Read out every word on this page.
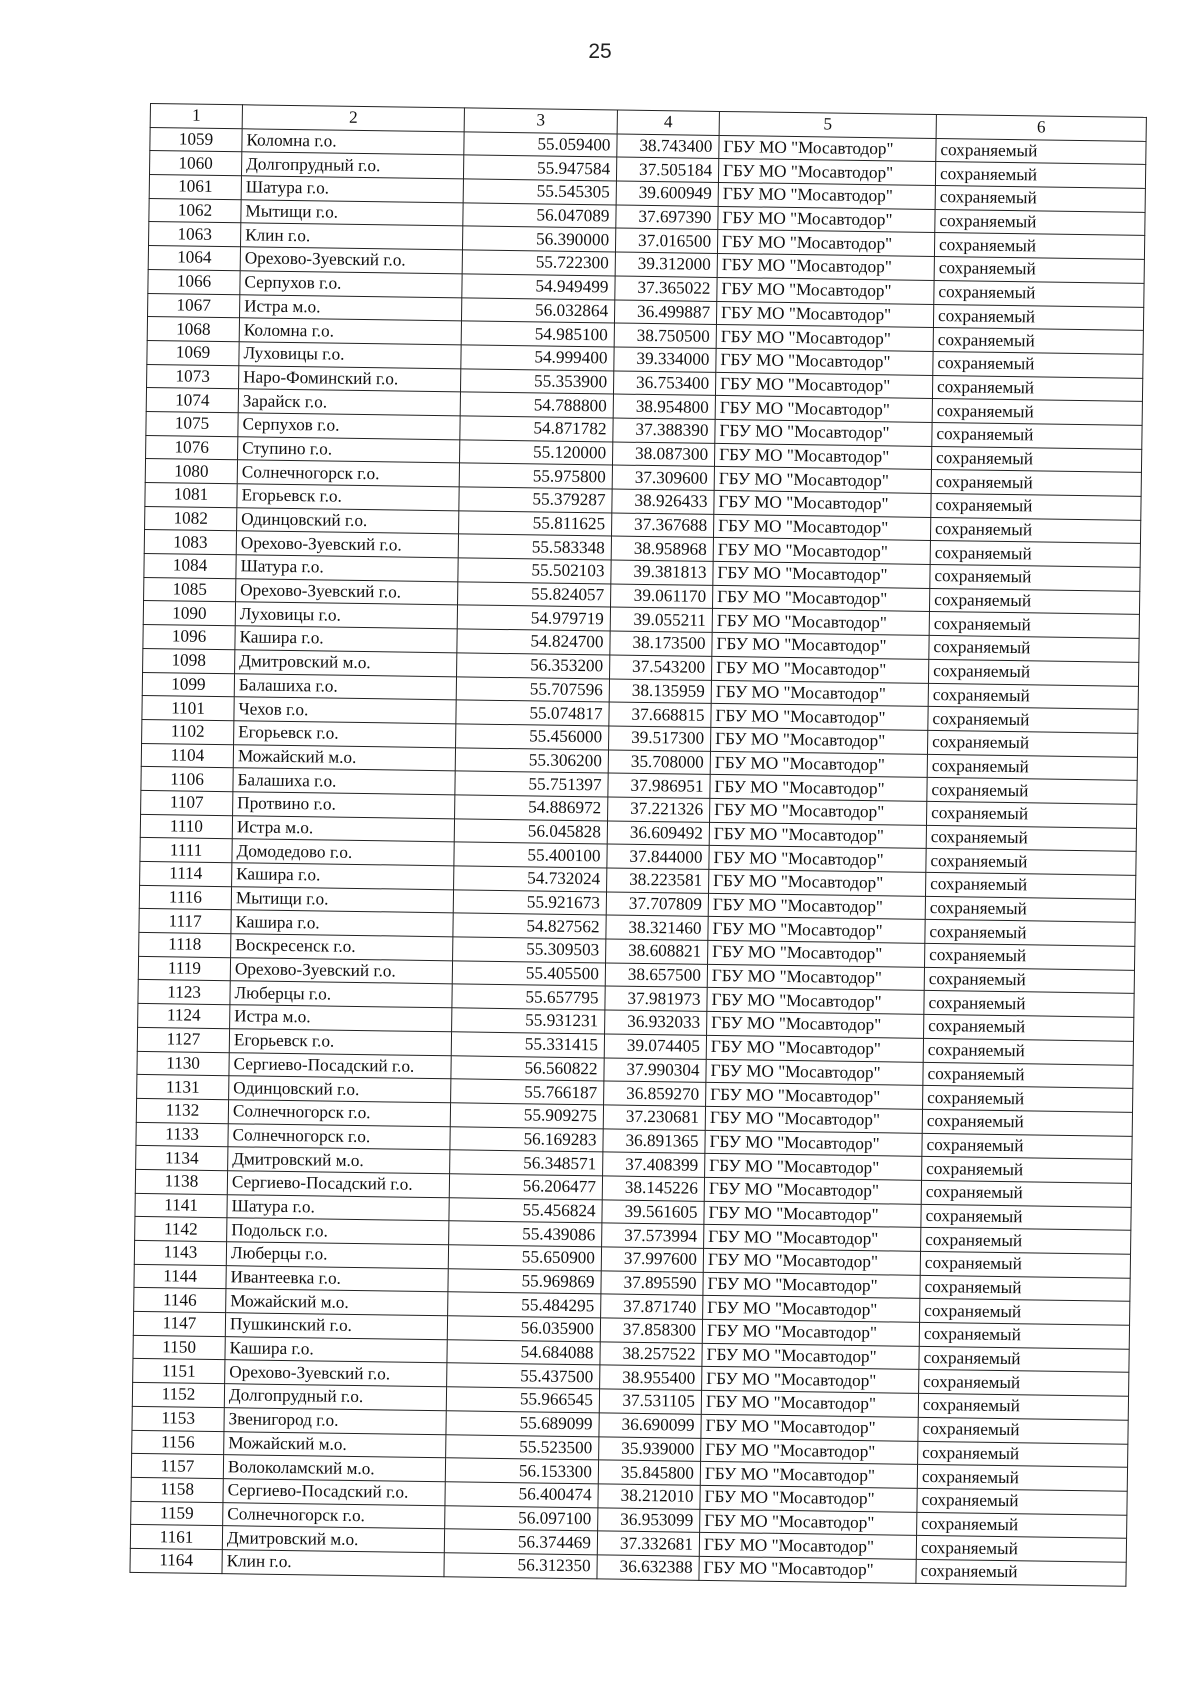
25
1	2	3	4	5	6
1059	Коломна г.о.	55.059400	38.743400	ГБУ МО "Мосавтодор"	сохраняемый
1060	Долгопрудный г.о.	55.947584	37.505184	ГБУ МО "Мосавтодор"	сохраняемый
1061	Шатура г.о.	55.545305	39.600949	ГБУ МО "Мосавтодор"	сохраняемый
1062	Мытищи г.о.	56.047089	37.697390	ГБУ МО "Мосавтодор"	сохраняемый
1063	Клин г.о.	56.390000	37.016500	ГБУ МО "Мосавтодор"	сохраняемый
1064	Орехово-Зуевский г.о.	55.722300	39.312000	ГБУ МО "Мосавтодор"	сохраняемый
1066	Серпухов г.о.	54.949499	37.365022	ГБУ МО "Мосавтодор"	сохраняемый
1067	Истра м.о.	56.032864	36.499887	ГБУ МО "Мосавтодор"	сохраняемый
1068	Коломна г.о.	54.985100	38.750500	ГБУ МО "Мосавтодор"	сохраняемый
1069	Луховицы г.о.	54.999400	39.334000	ГБУ МО "Мосавтодор"	сохраняемый
1073	Наро-Фоминский г.о.	55.353900	36.753400	ГБУ МО "Мосавтодор"	сохраняемый
1074	Зарайск г.о.	54.788800	38.954800	ГБУ МО "Мосавтодор"	сохраняемый
1075	Серпухов г.о.	54.871782	37.388390	ГБУ МО "Мосавтодор"	сохраняемый
1076	Ступино г.о.	55.120000	38.087300	ГБУ МО "Мосавтодор"	сохраняемый
1080	Солнечногорск г.о.	55.975800	37.309600	ГБУ МО "Мосавтодор"	сохраняемый
1081	Егорьевск г.о.	55.379287	38.926433	ГБУ МО "Мосавтодор"	сохраняемый
1082	Одинцовский г.о.	55.811625	37.367688	ГБУ МО "Мосавтодор"	сохраняемый
1083	Орехово-Зуевский г.о.	55.583348	38.958968	ГБУ МО "Мосавтодор"	сохраняемый
1084	Шатура г.о.	55.502103	39.381813	ГБУ МО "Мосавтодор"	сохраняемый
1085	Орехово-Зуевский г.о.	55.824057	39.061170	ГБУ МО "Мосавтодор"	сохраняемый
1090	Луховицы г.о.	54.979719	39.055211	ГБУ МО "Мосавтодор"	сохраняемый
1096	Кашира г.о.	54.824700	38.173500	ГБУ МО "Мосавтодор"	сохраняемый
1098	Дмитровский м.о.	56.353200	37.543200	ГБУ МО "Мосавтодор"	сохраняемый
1099	Балашиха г.о.	55.707596	38.135959	ГБУ МО "Мосавтодор"	сохраняемый
1101	Чехов г.о.	55.074817	37.668815	ГБУ МО "Мосавтодор"	сохраняемый
1102	Егорьевск г.о.	55.456000	39.517300	ГБУ МО "Мосавтодор"	сохраняемый
1104	Можайский м.о.	55.306200	35.708000	ГБУ МО "Мосавтодор"	сохраняемый
1106	Балашиха г.о.	55.751397	37.986951	ГБУ МО "Мосавтодор"	сохраняемый
1107	Протвино г.о.	54.886972	37.221326	ГБУ МО "Мосавтодор"	сохраняемый
1110	Истра м.о.	56.045828	36.609492	ГБУ МО "Мосавтодор"	сохраняемый
1111	Домодедово г.о.	55.400100	37.844000	ГБУ МО "Мосавтодор"	сохраняемый
1114	Кашира г.о.	54.732024	38.223581	ГБУ МО "Мосавтодор"	сохраняемый
1116	Мытищи г.о.	55.921673	37.707809	ГБУ МО "Мосавтодор"	сохраняемый
1117	Кашира г.о.	54.827562	38.321460	ГБУ МО "Мосавтодор"	сохраняемый
1118	Воскресенск г.о.	55.309503	38.608821	ГБУ МО "Мосавтодор"	сохраняемый
1119	Орехово-Зуевский г.о.	55.405500	38.657500	ГБУ МО "Мосавтодор"	сохраняемый
1123	Люберцы г.о.	55.657795	37.981973	ГБУ МО "Мосавтодор"	сохраняемый
1124	Истра м.о.	55.931231	36.932033	ГБУ МО "Мосавтодор"	сохраняемый
1127	Егорьевск г.о.	55.331415	39.074405	ГБУ МО "Мосавтодор"	сохраняемый
1130	Сергиево-Посадский г.о.	56.560822	37.990304	ГБУ МО "Мосавтодор"	сохраняемый
1131	Одинцовский г.о.	55.766187	36.859270	ГБУ МО "Мосавтодор"	сохраняемый
1132	Солнечногорск г.о.	55.909275	37.230681	ГБУ МО "Мосавтодор"	сохраняемый
1133	Солнечногорск г.о.	56.169283	36.891365	ГБУ МО "Мосавтодор"	сохраняемый
1134	Дмитровский м.о.	56.348571	37.408399	ГБУ МО "Мосавтодор"	сохраняемый
1138	Сергиево-Посадский г.о.	56.206477	38.145226	ГБУ МО "Мосавтодор"	сохраняемый
1141	Шатура г.о.	55.456824	39.561605	ГБУ МО "Мосавтодор"	сохраняемый
1142	Подольск г.о.	55.439086	37.573994	ГБУ МО "Мосавтодор"	сохраняемый
1143	Люберцы г.о.	55.650900	37.997600	ГБУ МО "Мосавтодор"	сохраняемый
1144	Ивантеевка г.о.	55.969869	37.895590	ГБУ МО "Мосавтодор"	сохраняемый
1146	Можайский м.о.	55.484295	37.871740	ГБУ МО "Мосавтодор"	сохраняемый
1147	Пушкинский г.о.	56.035900	37.858300	ГБУ МО "Мосавтодор"	сохраняемый
1150	Кашира г.о.	54.684088	38.257522	ГБУ МО "Мосавтодор"	сохраняемый
1151	Орехово-Зуевский г.о.	55.437500	38.955400	ГБУ МО "Мосавтодор"	сохраняемый
1152	Долгопрудный г.о.	55.966545	37.531105	ГБУ МО "Мосавтодор"	сохраняемый
1153	Звенигород г.о.	55.689099	36.690099	ГБУ МО "Мосавтодор"	сохраняемый
1156	Можайский м.о.	55.523500	35.939000	ГБУ МО "Мосавтодор"	сохраняемый
1157	Волоколамский м.о.	56.153300	35.845800	ГБУ МО "Мосавтодор"	сохраняемый
1158	Сергиево-Посадский г.о.	56.400474	38.212010	ГБУ МО "Мосавтодор"	сохраняемый
1159	Солнечногорск г.о.	56.097100	36.953099	ГБУ МО "Мосавтодор"	сохраняемый
1161	Дмитровский м.о.	56.374469	37.332681	ГБУ МО "Мосавтодор"	сохраняемый
1164	Клин г.о.	56.312350	36.632388	ГБУ МО "Мосавтодор"	сохраняемый
